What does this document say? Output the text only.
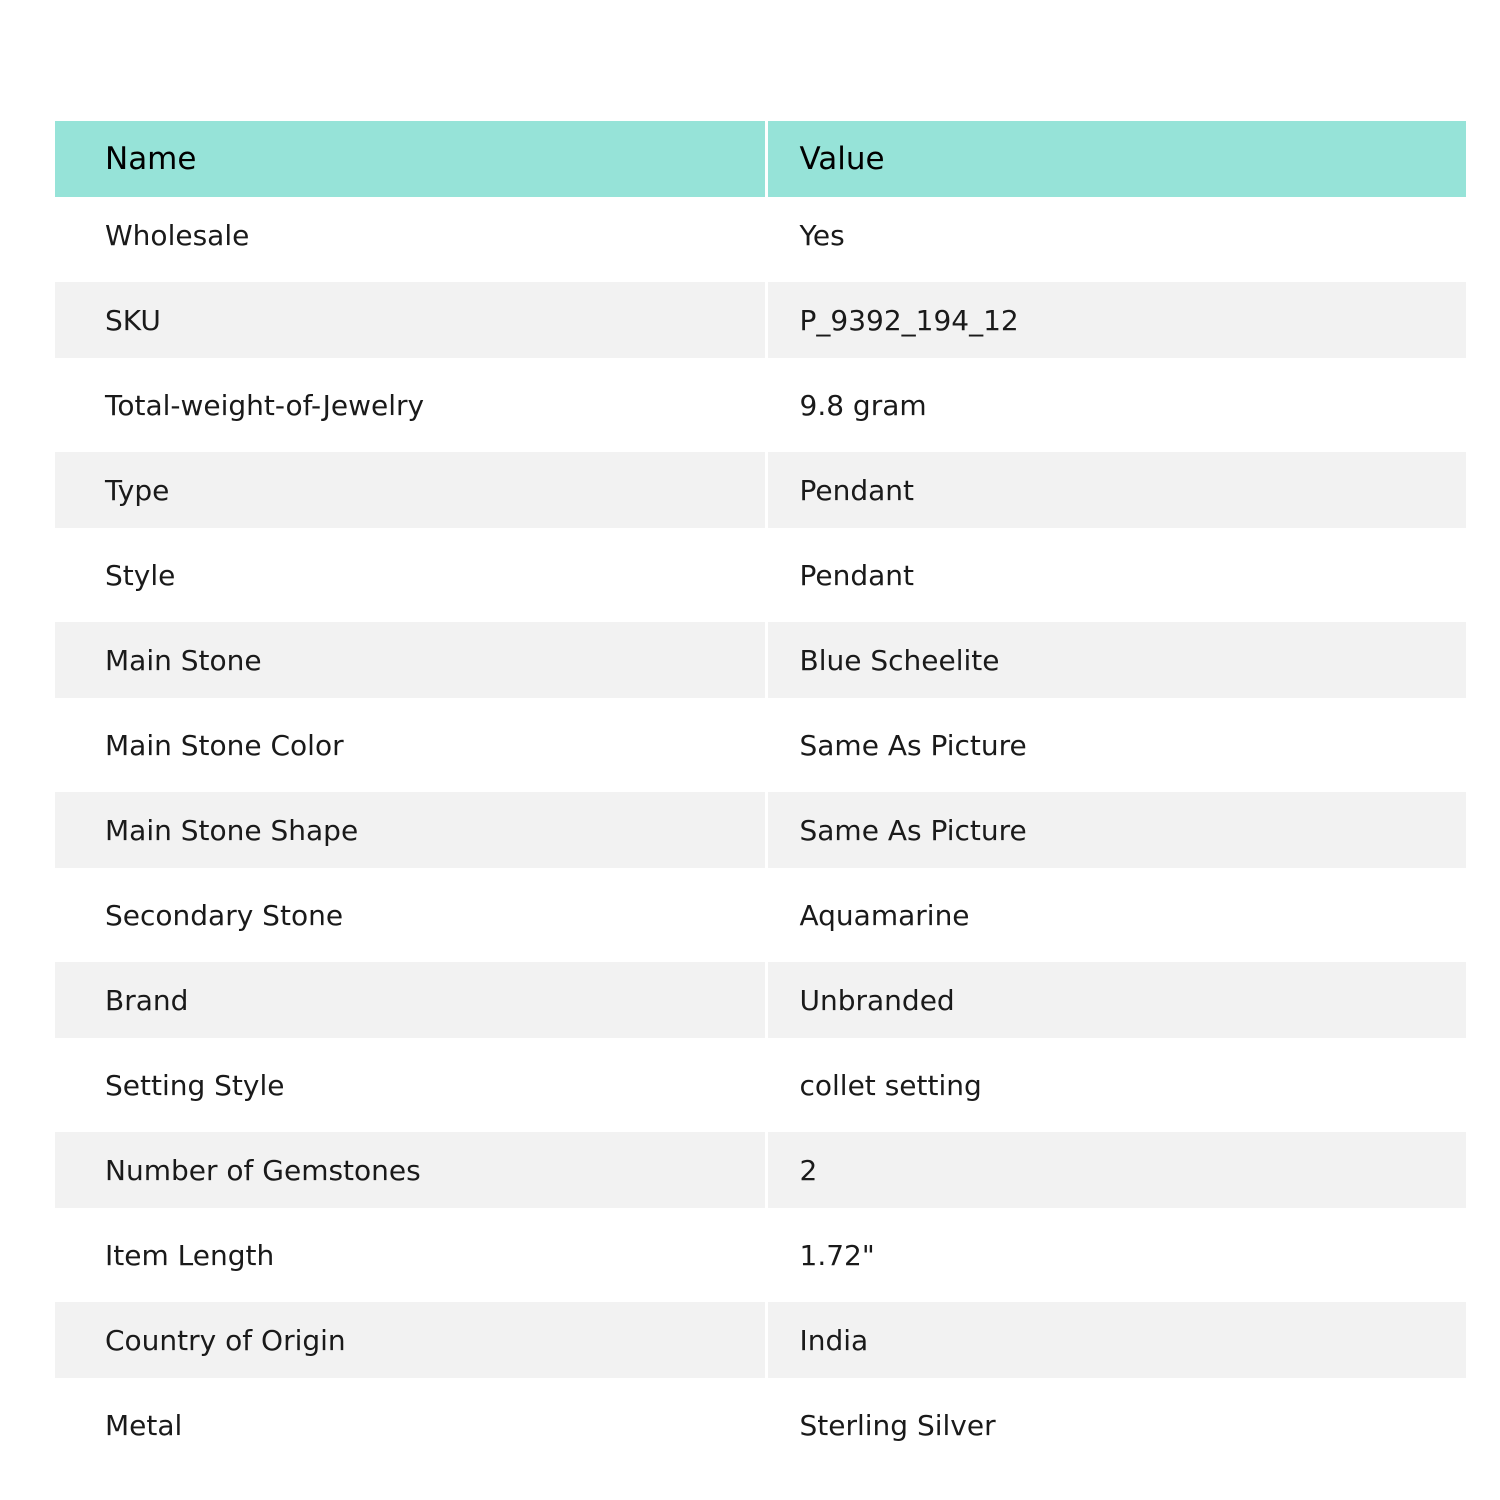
Name	Value
Wholesale	Yes

SKU	P_9392_194_12

Total-weight-of-Jewelry	9.8 gram

Type	Pendant

Style	Pendant

Main Stone	Blue Scheelite

Main Stone Color	Same As Picture

Main Stone Shape	Same As Picture

Secondary Stone	Aquamarine

Brand	Unbranded

Setting Style	collet setting

Number of Gemstones	2

Item Length	1.72"

Country of Origin	India

Metal	Sterling Silver
